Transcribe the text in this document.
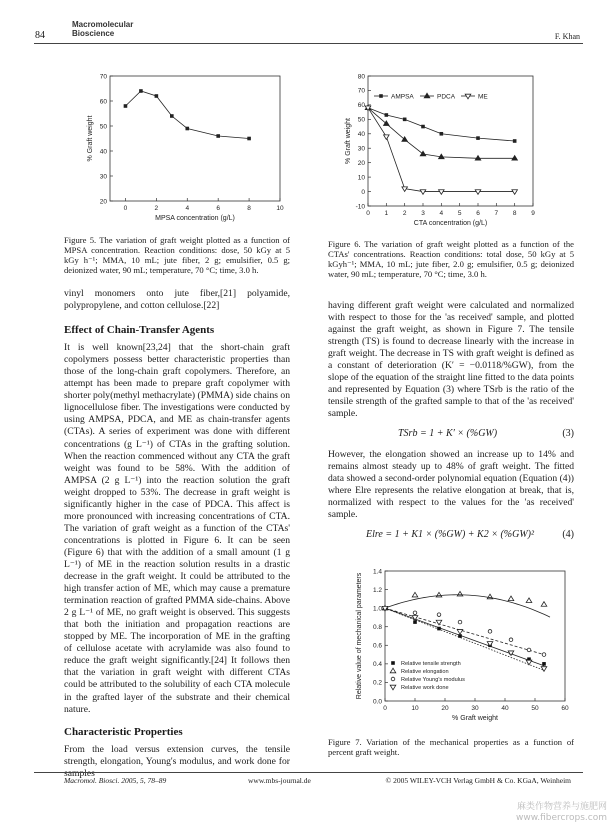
84
Macromolecular
Bioscience	F. Khan
0	2	4	6	8	10
20
30
40
50
60
70
MPSA concentration (g/L)
% Graft weight
Figure 5. The variation of graft weight plotted as a function of MPSA concentration. Reaction conditions: dose, 50 kGy at 5 kGy h⁻¹; MMA, 10 mL; jute fiber, 2 g; emulsifier, 0.5 g; deionized water, 90 mL; temperature, 70 °C; time, 3.0 h.
0 1 2 3 4 5 6 7 8 9
-10
0
10
20
30
40
50
60
70
80
CTA concentration (g/L)
% Graft weight
AMPSA	PDCA	ME
Figure 6. The variation of graft weight plotted as a function of the CTAs' concentrations. Reaction conditions: total dose, 50 kGy at 5 kGyh⁻¹; MMA, 10 mL; jute fiber, 2.0 g; emulsifier, 0.5 g; deionized water, 90 mL; temperature, 70 °C; time, 3.0 h.

vinyl monomers onto jute fiber,[21] polyamide, polypropylene, and cotton cellulose.[22]

Effect of Chain-Transfer Agents

It is well known[23,24] that the short-chain graft copolymers possess better characteristic properties than those of the long-chain graft copolymers. Therefore, an attempt has been made to prepare graft copolymer with shorter poly(methyl methacrylate) (PMMA) side chains on lignocellulose fiber. The investigations were conducted by using AMPSA, PDCA, and ME as chain-transfer agents (CTAs). A series of experiment was done with different concentrations (g L⁻¹) of CTAs in the grafting solution. When the reaction commenced without any CTA the graft weight was found to be 58%. With the addition of AMPSA (2 g L⁻¹) into the reaction solution the graft weight dropped to 53%. The decrease in graft weight is significantly higher in the case of PDCA. This affect is more pronounced with increasing concentrations of CTA. The variation of graft weight as a function of the CTAs' concentrations is plotted in Figure 6. It can be seen (Figure 6) that with the addition of a small amount (1 g L⁻¹) of ME in the reaction solution results in a drastic decrease in the graft weight. It could be attributed to the high transfer action of ME, which may cause a premature termination reaction of grafted PMMA side-chains. Above 2 g L⁻¹ of ME, no graft weight is observed. This suggests that both the initiation and propagation reactions are stopped by ME. The incorporation of ME in the grafting of cellulose acetate with acrylamide was also found to reduce the graft weight significantly.[24] It follows then that the variation in graft weight with different CTAs could be attributed to the solubility of each CTA molecule in the grafted layer of the substrate and their chemical nature.

Characteristic Properties

From the load versus extension curves, the tensile strength, elongation, Young's modulus, and work done for samples

having different graft weight were calculated and normalized with respect to those for the 'as received' sample, and plotted against the graft weight, as shown in Figure 7. The tensile strength (TS) is found to decrease linearly with the increase in graft weight. The decrease in TS with graft weight is defined as a constant of deterioration (K′ = −0.0118/%GW), from the slope of the equation of the straight line fitted to the data points and represented by Equation (3) where TSrb is the ratio of the tensile strength of the grafted sample to that of the 'as received' sample.

TSrb = 1 + K′ × (%GW)	(3)

However, the elongation showed an increase up to 14% and remains almost steady up to 48% of graft weight. The fitted data showed a second-order polynomial equation (Equation (4)) where Elre represents the relative elongation at break, that is, normalized with respect to the values for the 'as received' sample.

Elre = 1 + K1 × (%GW) + K2 × (%GW)²	(4)
0	10	20	30	40	50	60
0.0
0.2
0.4
0.6
0.8
1.0
1.2
1.4
% Graft weight
Relative value of mechanical parameters	Relative tensile strength
Relative elongation
Relative Young's modulus
Relative work done
Figure 7. Variation of the mechanical properties as a function of percent graft weight.
Macromol. Biosci. 2005, 5, 78–89	www.mbs-journal.de	© 2005 WILEY-VCH Verlag GmbH & Co. KGaA, Weinheim
麻类作物营养与施肥网
www.fibercrops.com
